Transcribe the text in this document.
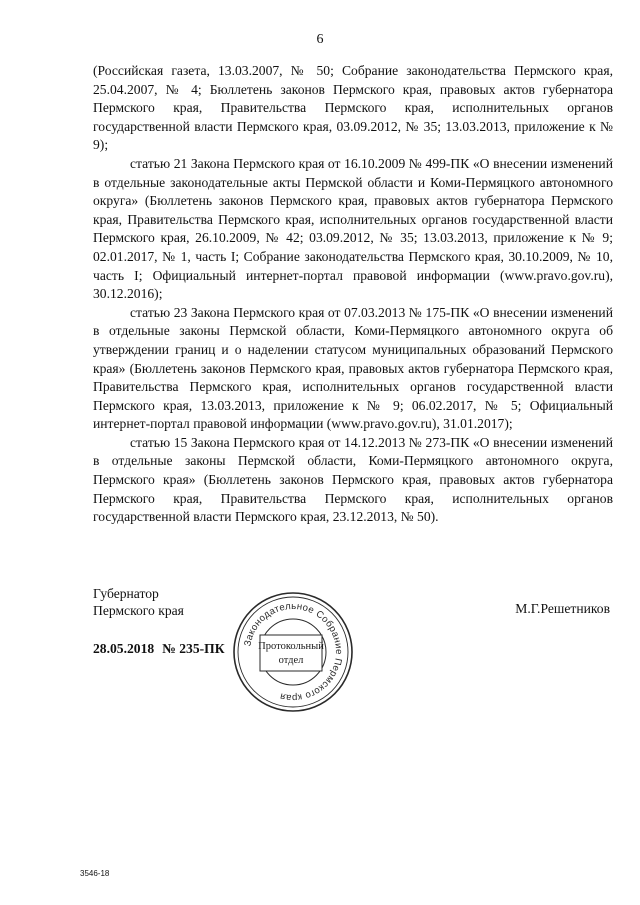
6

(Российская газета, 13.03.2007, № 50; Собрание законодательства Пермского края, 25.04.2007, № 4; Бюллетень законов Пермского края, правовых актов губернатора Пермского края, Правительства Пермского края, исполнительных органов государственной власти Пермского края, 03.09.2012, № 35; 13.03.2013, приложение к № 9);

статью 21 Закона Пермского края от 16.10.2009 № 499-ПК «О внесении изменений в отдельные законодательные акты Пермской области и Коми-Пермяцкого автономного округа» (Бюллетень законов Пермского края, правовых актов губернатора Пермского края, Правительства Пермского края, исполнительных органов государственной власти Пермского края, 26.10.2009, № 42; 03.09.2012, № 35; 13.03.2013, приложение к № 9; 02.01.2017, № 1, часть I; Собрание законодательства Пермского края, 30.10.2009, № 10, часть I; Официальный интернет-портал правовой информации (www.pravo.gov.ru), 30.12.2016);

статью 23 Закона Пермского края от 07.03.2013 № 175-ПК «О внесении изменений в отдельные законы Пермской области, Коми-Пермяцкого автономного округа об утверждении границ и о наделении статусом муниципальных образований Пермского края» (Бюллетень законов Пермского края, правовых актов губернатора Пермского края, Правительства Пермского края, исполнительных органов государственной власти Пермского края, 13.03.2013, приложение к № 9; 06.02.2017, № 5; Официальный интернет-портал правовой информации (www.pravo.gov.ru), 31.01.2017);

статью 15 Закона Пермского края от 14.12.2013 № 273-ПК «О внесении изменений в отдельные законы Пермской области, Коми-Пермяцкого автономного округа, Пермского края» (Бюллетень законов Пермского края, правовых актов губернатора Пермского края, Правительства Пермского края, исполнительных органов государственной власти Пермского края, 23.12.2013, № 50).

Губернатор
Пермского края	М.Г.Решетников
28.05.2018 № 235-ПК Законодательное Собрание Пермского края
Протокольный
отдел
3546-18
